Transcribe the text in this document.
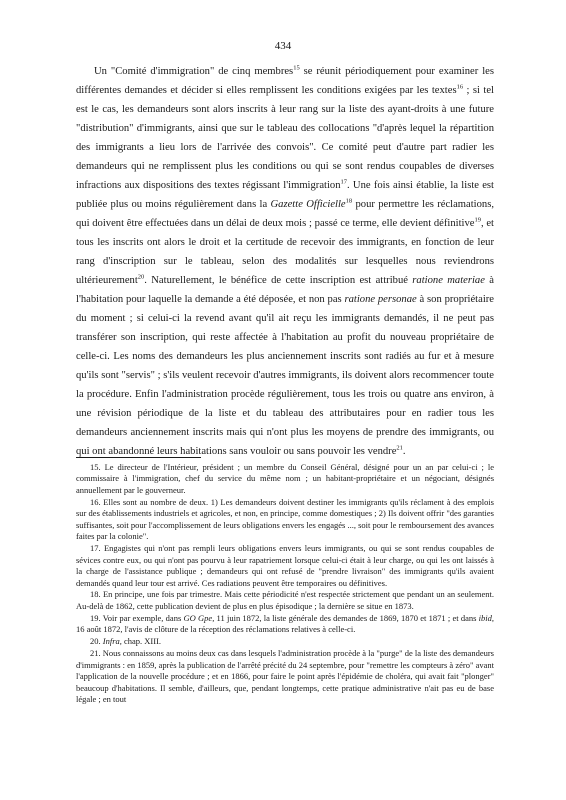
434

Un "Comité d'immigration" de cinq membres$^{15}$ se réunit périodiquement pour examiner les différentes demandes et décider si elles remplissent les conditions exigées par les textes$^{16}$ ; si tel est le cas, les demandeurs sont alors inscrits à leur rang sur la liste des ayant-droits à une future "distribution" d'immigrants, ainsi que sur le tableau des collocations "d'après lequel la répartition des immigrants a lieu lors de l'arrivée des convois". Ce comité peut d'autre part radier les demandeurs qui ne remplissent plus les conditions ou qui se sont rendus coupables de diverses infractions aux dispositions des textes régissant l'immigration$^{17}$. Une fois ainsi établie, la liste est publiée plus ou moins régulièrement dans la Gazette Officielle$^{18}$ pour permettre les réclamations, qui doivent être effectuées dans un délai de deux mois ; passé ce terme, elle devient définitive$^{19}$, et tous les inscrits ont alors le droit et la certitude de recevoir des immigrants, en fonction de leur rang d'inscription sur le tableau, selon des modalités sur lesquelles nous reviendrons ultérieurement$^{20}$. Naturellement, le bénéfice de cette inscription est attribué ratione materiae à l'habitation pour laquelle la demande a été déposée, et non pas ratione personae à son propriétaire du moment ; si celui-ci la revend avant qu'il ait reçu les immigrants demandés, il ne peut pas transférer son inscription, qui reste affectée à l'habitation au profit du nouveau propriétaire de celle-ci. Les noms des demandeurs les plus anciennement inscrits sont radiés au fur et à mesure qu'ils sont "servis" ; s'ils veulent recevoir d'autres immigrants, ils doivent alors recommencer toute la procédure. Enfin l'administration procède régulièrement, tous les trois ou quatre ans environ, à une révision périodique de la liste et du tableau des attributaires pour en radier tous les demandeurs anciennement inscrits mais qui n'ont plus les moyens de prendre des immigrants, ou qui ont abandonné leurs habitations sans vouloir ou sans pouvoir les vendre$^{21}$.

15. Le directeur de l'Intérieur, président ; un membre du Conseil Général, désigné pour un an par celui-ci ; le commissaire à l'immigration, chef du service du même nom ; un habitant-propriétaire et un négociant, désignés annuellement par le gouverneur.

16. Elles sont au nombre de deux. 1) Les demandeurs doivent destiner les immigrants qu'ils réclament à des emplois sur des établissements industriels et agricoles, et non, en principe, comme domestiques ; 2) Ils doivent offrir "des garanties suffisantes, soit pour l'accomplissement de leurs obligations envers les engagés ..., soit pour le remboursement des avances faites par la colonie".

17. Engagistes qui n'ont pas rempli leurs obligations envers leurs immigrants, ou qui se sont rendus coupables de sévices contre eux, ou qui n'ont pas pourvu à leur rapatriement lorsque celui-ci était à leur charge, ou qui les ont laissés à la charge de l'assistance publique ; demandeurs qui ont refusé de "prendre livraison" des immigrants qu'ils avaient demandés quand leur tour est arrivé. Ces radiations peuvent être temporaires ou définitives.

18. En principe, une fois par trimestre. Mais cette périodicité n'est respectée strictement que pendant un an seulement. Au-delà de 1862, cette publication devient de plus en plus épisodique ; la dernière se situe en 1873.

19. Voir par exemple, dans GO Gpe, 11 juin 1872, la liste générale des demandes de 1869, 1870 et 1871 ; et dans ibid, 16 août 1872, l'avis de clôture de la réception des réclamations relatives à celle-ci.

20. Infra, chap. XIII.

21. Nous connaissons au moins deux cas dans lesquels l'administration procède à la "purge" de la liste des demandeurs d'immigrants : en 1859, après la publication de l'arrêté précité du 24 septembre, pour "remettre les compteurs à zéro" avant l'application de la nouvelle procédure ; et en 1866, pour faire le point après l'épidémie de choléra, qui avait fait "plonger" beaucoup d'habitations. Il semble, d'ailleurs, que, pendant longtemps, cette pratique administrative n'ait pas eu de base légale ; en tout
